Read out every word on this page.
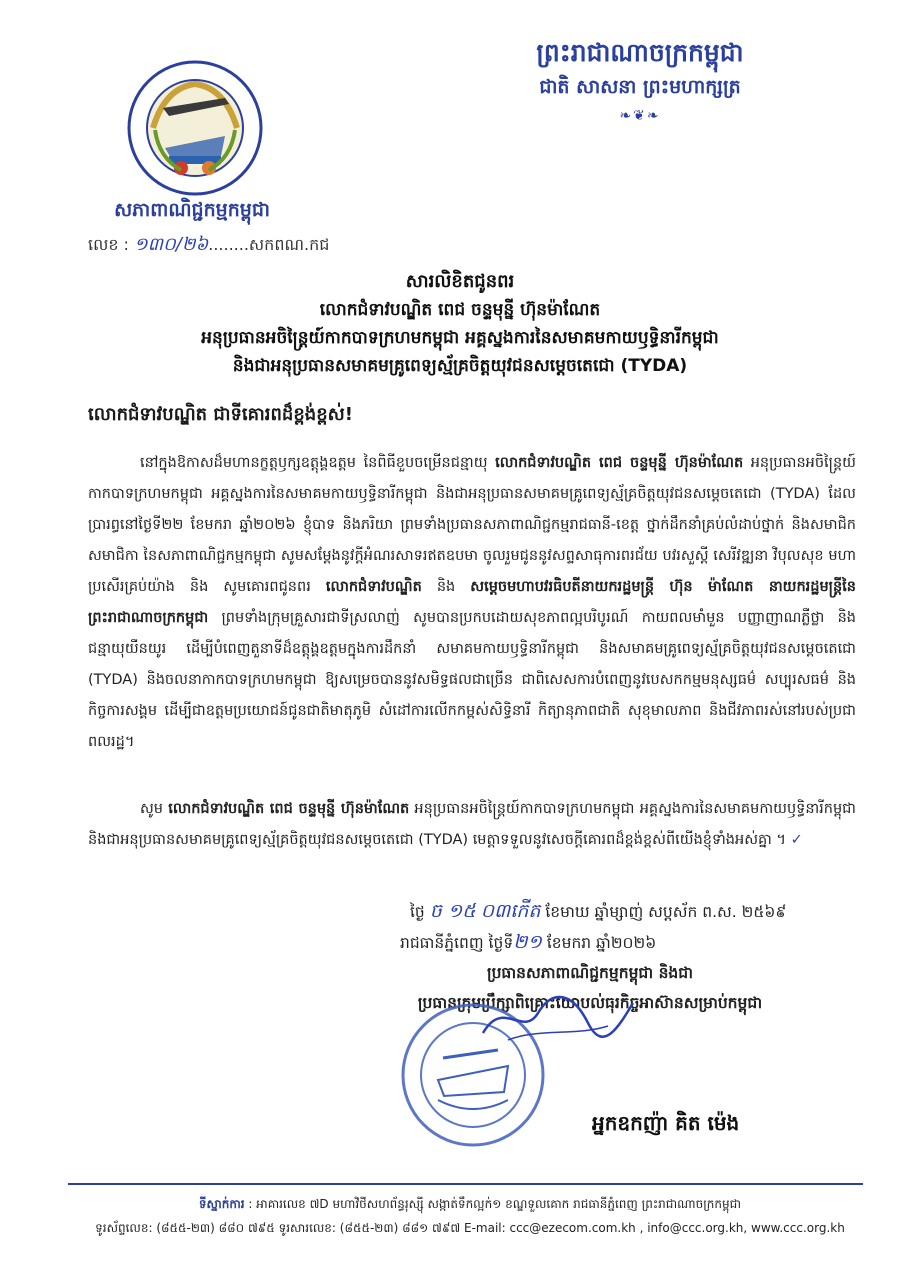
ព្រះរាជាណាចក្រកម្ពុជា
ជាតិ សាសនា ព្រះមហាក្សត្រ
❧❦❧
សភាពាណិជ្ជកម្មកម្ពុជា
លេខ : ១៣០/២៦........សកពណ.កជ
សារលិខិតជូនពរ
លោកជំទាវបណ្ឌិត ពេជ ចន្ទមុន្នី ហ៊ុនម៉ាណែត
អនុប្រធានអចិន្ត្រៃយ៍កាកបាទក្រហមកម្ពុជា អគ្គស្នងការនៃសមាគមកាយឫទ្ធិនារីកម្ពុជា
និងជាអនុប្រធានសមាគមគ្រូពេទ្យស្ម័គ្រចិត្តយុវជនសម្តេចតេជោ (TYDA)
លោកជំទាវបណ្ឌិត ជាទីគោរពដ៏ខ្ពង់ខ្ពស់!
នៅក្នុងឱកាសដ៏មហានក្ខត្តឫក្សឧត្តុង្គឧត្តម នៃពិធីខួបចម្រើនជន្មាយុ លោកជំទាវបណ្ឌិត ពេជ ចន្ទមុន្នី ហ៊ុនម៉ាណែត អនុប្រធានអចិន្ត្រៃយ៍កាកបាទក្រហមកម្ពុជា អគ្គស្នងការនៃសមាគមកាយឫទ្ធិនារីកម្ពុជា និងជាអនុប្រធានសមាគមគ្រូពេទ្យស្ម័គ្រចិត្តយុវជនសម្តេចតេជោ (TYDA) ដែលប្រារព្ធនៅថ្ងៃទី២២ ខែមករា ឆ្នាំ២០២៦ ខ្ញុំបាទ និងភរិយា ព្រមទាំងប្រធានសភាពាណិជ្ជកម្មរាជធានី-ខេត្ត ថ្នាក់ដឹកនាំគ្រប់លំដាប់ថ្នាក់ និងសមាជិក សមាជិកា នៃសភាពាណិជ្ជកម្មកម្ពុជា សូមសម្តែងនូវក្តីអំណរសាទរឥតឧបមា ចូលរួមជូននូវសព្ទសាធុការពរជ័យ បវរសួស្តី សេរីវឌ្ឍនា វិបុលសុខ មហាប្រសើរគ្រប់យ៉ាង និង សូមគោរពជូនពរ លោកជំទាវបណ្ឌិត និង សម្តេចមហាបវរធិបតីនាយករដ្ឋមន្ត្រី ហ៊ុន ម៉ាណែត នាយករដ្ឋមន្ត្រីនៃព្រះរាជាណាចក្រកម្ពុជា ព្រមទាំងក្រុមគ្រួសារជាទីស្រលាញ់ សូមបានប្រកបដោយសុខភាពល្អបរិបូរណ៍ កាយពលមាំមួន បញ្ញាញាណភ្លឺថ្លា និងជន្មាយុយឺនយូរ ដើម្បីបំពេញតួនាទីដ៏ឧត្តុង្គឧត្តមក្នុងការដឹកនាំ សមាគមកាយឫទ្ធិនារីកម្ពុជា និងសមាគមគ្រូពេទ្យស្ម័គ្រចិត្តយុវជនសម្តេចតេជោ (TYDA) និងចលនាកាកបាទក្រហមកម្ពុជា ឱ្យសម្រេចបាននូវសមិទ្ធផលជាច្រើន ជាពិសេសការបំពេញនូវបេសកកម្មមនុស្សធម៌ សប្បុរសធម៌ និង កិច្ចការសង្គម ដើម្បីជាឧត្តមប្រយោជន៍ជូនជាតិមាតុភូមិ សំដៅការលើកកម្ពស់សិទ្ធិនារី កិត្យានុភាពជាតិ សុខុមាលភាព និងជីវភាពរស់នៅរបស់ប្រជាពលរដ្ឋ។
សូម លោកជំទាវបណ្ឌិត ពេជ ចន្ទមុន្នី ហ៊ុនម៉ាណែត អនុប្រធានអចិន្ត្រៃយ៍កាកបាទក្រហមកម្ពុជា អគ្គស្នងការនៃសមាគមកាយឫទ្ធិនារីកម្ពុជា និងជាអនុប្រធានសមាគមគ្រូពេទ្យស្ម័គ្រចិត្តយុវជនសម្តេចតេជោ (TYDA) មេត្តាទទួលនូវសេចក្តីគោរពដ៏ខ្ពង់ខ្ពស់ពីយើងខ្ញុំទាំងអស់គ្នា ។ ✓
ថ្ងៃ ច ១៥ ០៣កើត ខែមាឃ ឆ្នាំម្សាញ់ សប្តស័ក ព.ស. ២៥៦៩
រាជធានីភ្នំពេញ ថ្ងៃទី២១ ខែមករា ឆ្នាំ២០២៦
ប្រធានសភាពាណិជ្ជកម្មកម្ពុជា និងជា
ប្រធានក្រុមប្រឹក្សាពិគ្រោះយោបល់ធុរកិច្ចអាស៊ានសម្រាប់កម្ពុជា
អ្នកឧកញ៉ា គិត ម៉េង
ទីស្នាក់ការ : អាគារលេខ ៧D មហាវិថីសហព័ន្ធរុស្ស៊ី សង្កាត់ទឹកល្អក់១ ខណ្ឌទួលគោក រាជធានីភ្នំពេញ ព្រះរាជាណាចក្រកម្ពុជា
ទូរស័ព្ទលេខ: (៨៥៥-២៣) ៨៨០ ៧៩៥ ទូរសារលេខ: (៨៥៥-២៣) ៨៨១ ៧៩៧ E-mail: ccc@ezecom.com.kh , info@ccc.org.kh, www.ccc.org.kh
